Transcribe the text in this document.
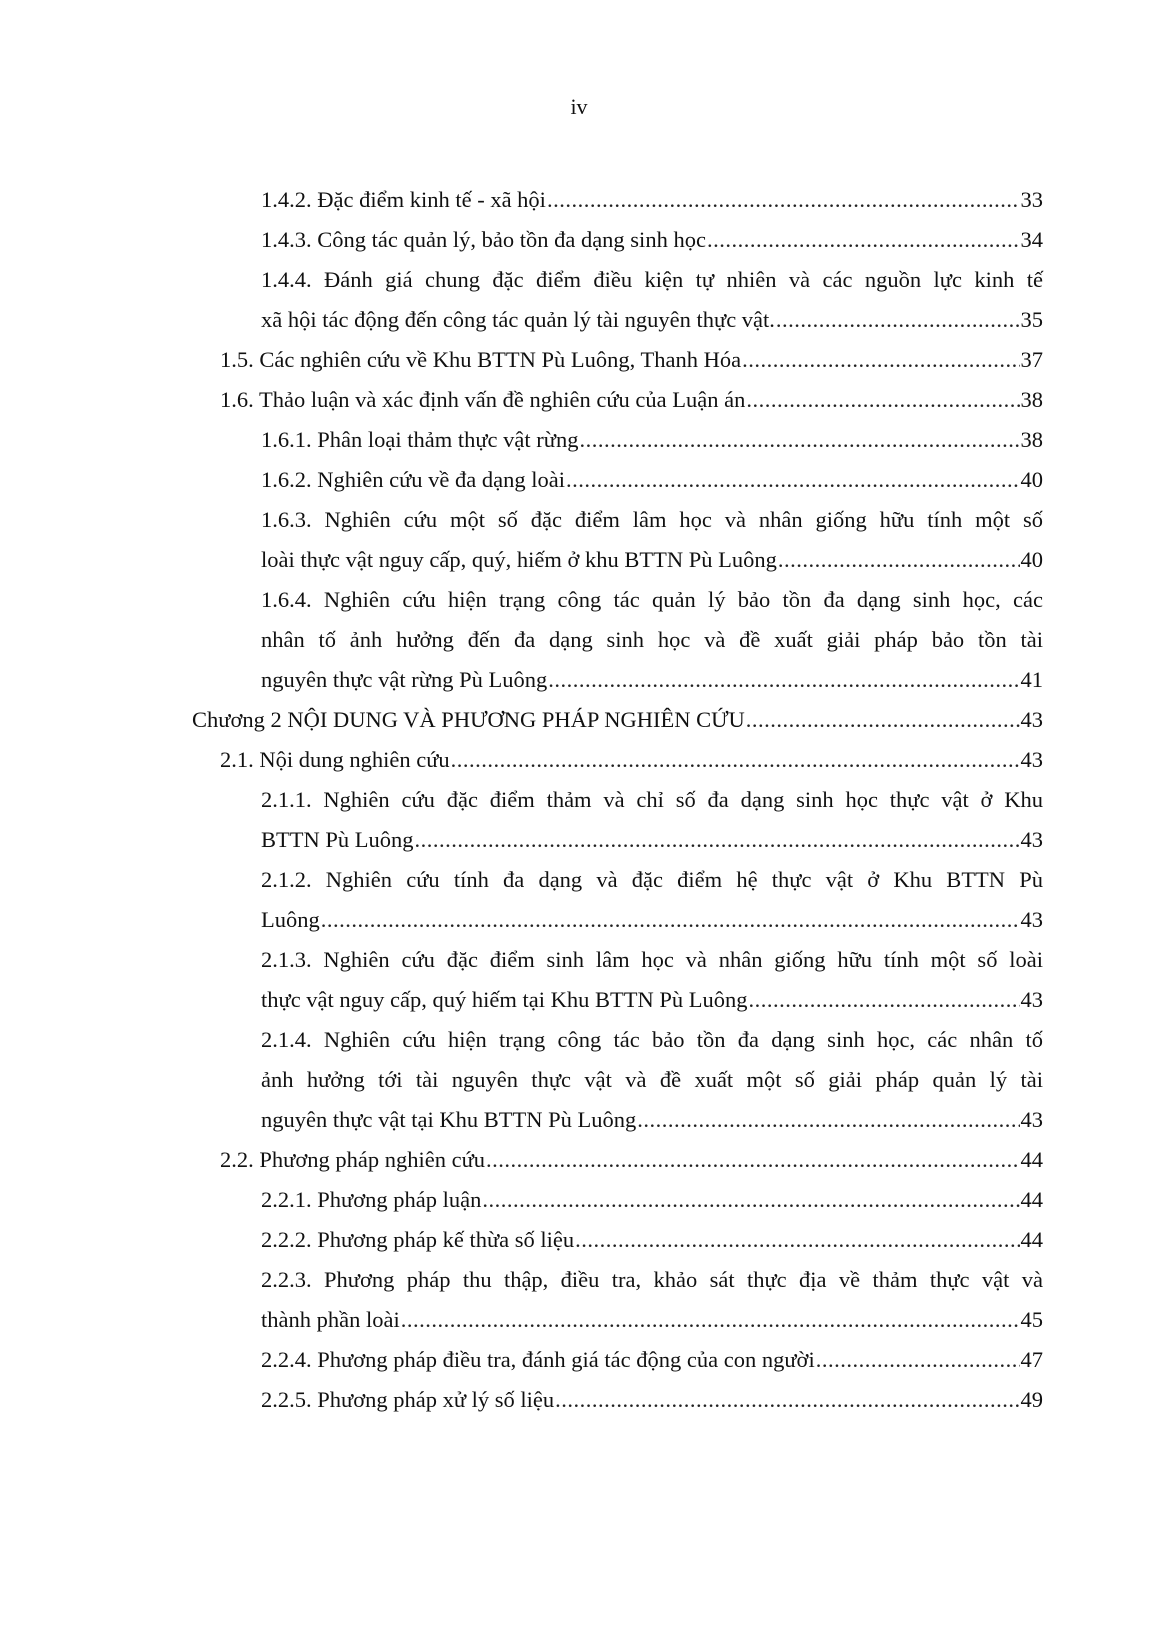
iv
1.4.2. Đặc điểm kinh tế - xã hội .....	33
1.4.3. Công tác quản lý, bảo tồn đa dạng sinh học .....	34
1.4.4. Đánh giá chung đặc điểm điều kiện tự nhiên và các nguồn lực kinh tế
xã hội tác động đến công tác quản lý tài nguyên thực vật. .....	35
1.5. Các nghiên cứu về Khu BTTN Pù Luông, Thanh Hóa .....	37
1.6. Thảo luận và xác định vấn đề nghiên cứu của Luận án .....	38
1.6.1. Phân loại thảm thực vật rừng .....	38
1.6.2. Nghiên cứu về đa dạng loài .....	40
1.6.3. Nghiên cứu một số đặc điểm lâm học và nhân giống hữu tính một số
loài thực vật nguy cấp, quý, hiếm ở khu BTTN Pù Luông .....	40
1.6.4. Nghiên cứu hiện trạng công tác quản lý bảo tồn đa dạng sinh học, các
nhân tố ảnh hưởng đến đa dạng sinh học và đề xuất giải pháp bảo tồn tài
nguyên thực vật rừng Pù Luông .....	41
Chương 2 NỘI DUNG VÀ PHƯƠNG PHÁP NGHIÊN CỨU .....	43
2.1. Nội dung nghiên cứu .....	43
2.1.1. Nghiên cứu đặc điểm thảm và chỉ số đa dạng sinh học thực vật ở Khu
BTTN Pù Luông .....	43
2.1.2. Nghiên cứu tính đa dạng và đặc điểm hệ thực vật ở Khu BTTN Pù
Luông .....	43
2.1.3. Nghiên cứu đặc điểm sinh lâm học và nhân giống hữu tính một số loài
thực vật nguy cấp, quý hiếm tại Khu BTTN Pù Luông .....	43
2.1.4. Nghiên cứu hiện trạng công tác bảo tồn đa dạng sinh học, các nhân tố
ảnh hưởng tới tài nguyên thực vật và đề xuất một số giải pháp quản lý tài
nguyên thực vật tại Khu BTTN Pù Luông .....	43
2.2. Phương pháp nghiên cứu .....	44
2.2.1. Phương pháp luận .....	44
2.2.2. Phương pháp kế thừa số liệu .....	44
2.2.3. Phương pháp thu thập, điều tra, khảo sát thực địa về thảm thực vật và
thành phần loài .....	45
2.2.4. Phương pháp điều tra, đánh giá tác động của con người .....	47
2.2.5. Phương pháp xử lý số liệu .....	49
